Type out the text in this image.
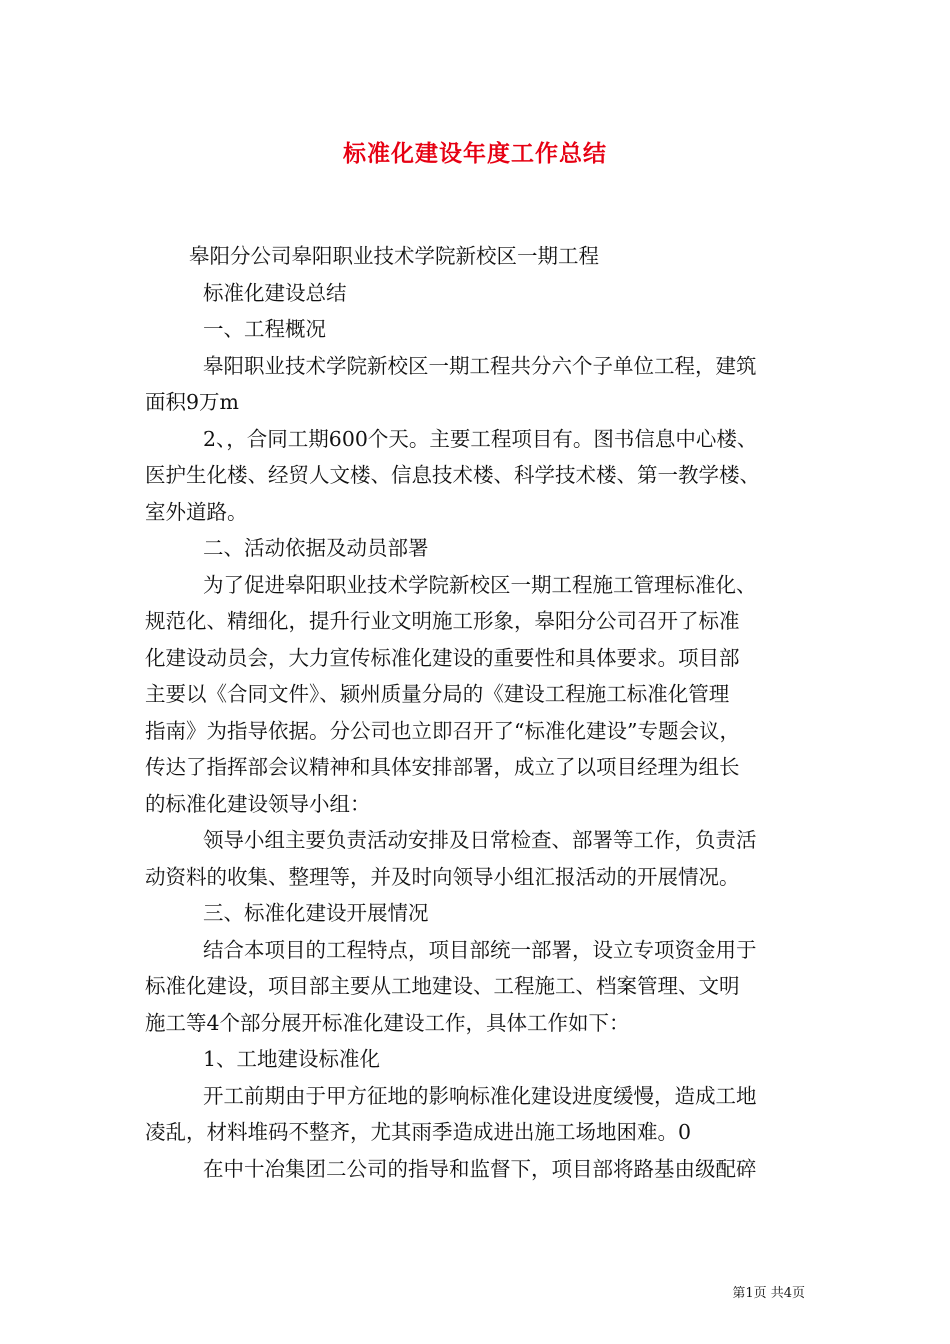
标准化建设年度工作总结

皋阳分公司皋阳职业技术学院新校区一期工程

标准化建设总结

一、工程概况

皋阳职业技术学院新校区一期工程共分六个子单位工程，建筑

面积9万m

2、，合同工期600个天。主要工程项目有。图书信息中心楼、

医护生化楼、经贸人文楼、信息技术楼、科学技术楼、第一教学楼、

室外道路。

二、活动依据及动员部署

为了促进皋阳职业技术学院新校区一期工程施工管理标准化、

规范化、精细化，提升行业文明施工形象，皋阳分公司召开了标准

化建设动员会，大力宣传标准化建设的重要性和具体要求。项目部

主要以《合同文件》、颍州质量分局的《建设工程施工标准化管理

指南》为指导依据。分公司也立即召开了“标准化建设”专题会议，

传达了指挥部会议精神和具体安排部署，成立了以项目经理为组长

的标准化建设领导小组：

领导小组主要负责活动安排及日常检查、部署等工作，负责活

动资料的收集、整理等，并及时向领导小组汇报活动的开展情况。

三、标准化建设开展情况

结合本项目的工程特点，项目部统一部署，设立专项资金用于

标准化建设，项目部主要从工地建设、工程施工、档案管理、文明

施工等4个部分展开标准化建设工作，具体工作如下：

1、工地建设标准化

开工前期由于甲方征地的影响标准化建设进度缓慢，造成工地

凌乱，材料堆码不整齐，尤其雨季造成进出施工场地困难。0

在中十冶集团二公司的指导和监督下，项目部将路基由级配碎

第1页 共4页
